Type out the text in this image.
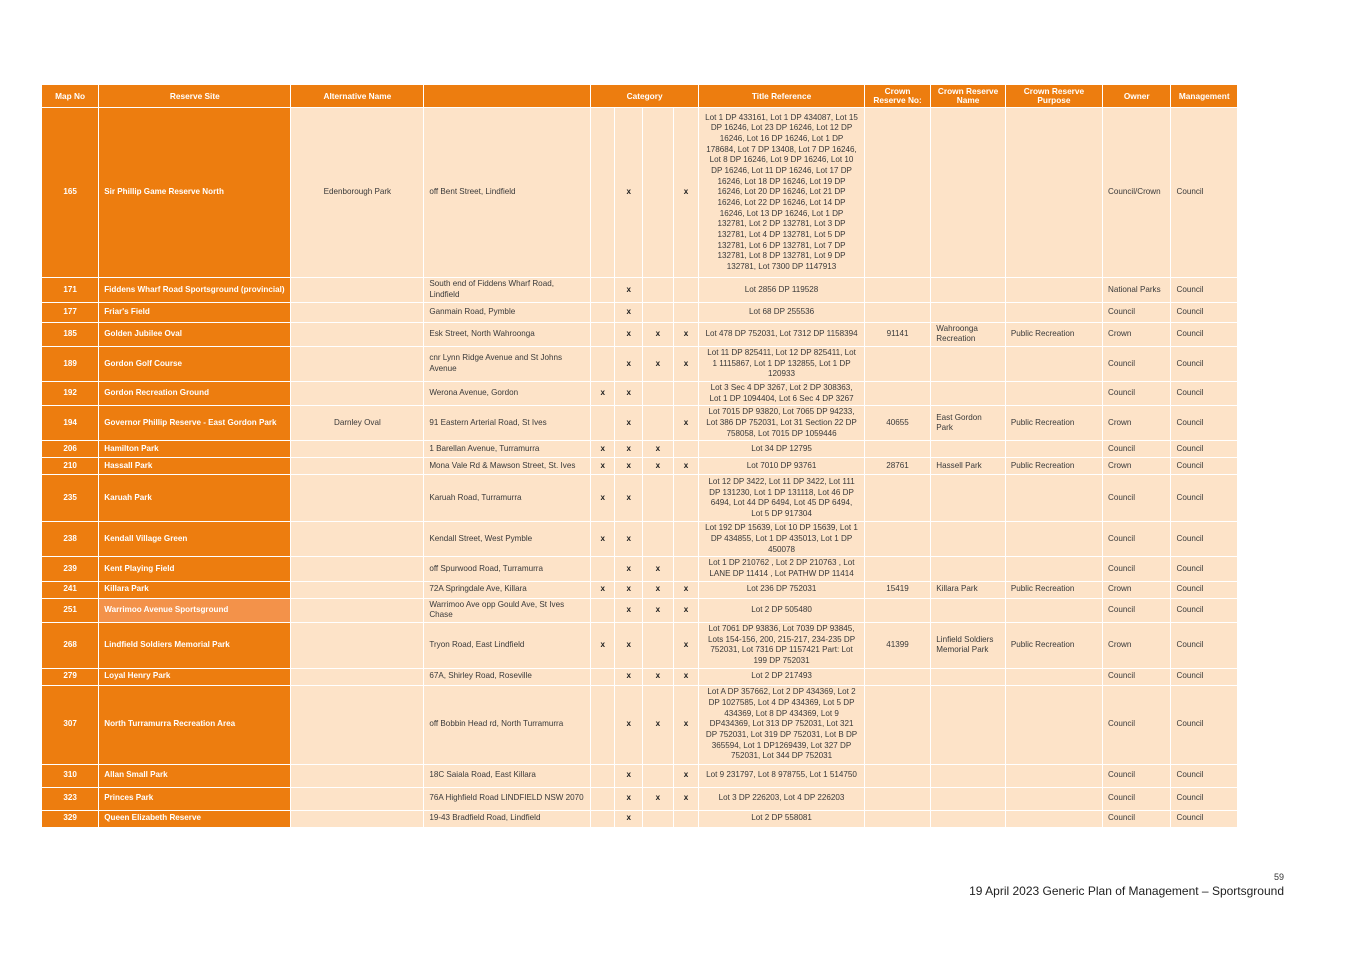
Map No	Reserve Site	Alternative Name		Category				Title Reference	Crown Reserve No:	Crown Reserve Name	Crown Reserve Purpose	Owner	Management
165	Sir Phillip Game Reserve North	Edenborough Park	off Bent Street, Lindfield		x		x	Lot 1 DP 433161, Lot 1 DP 434087, Lot 15 DP 16246, Lot 23 DP 16246, Lot 12 DP 16246, Lot 16 DP 16246, Lot 1 DP 178684, Lot 7 DP 13408, Lot 7 DP 16246, Lot 8 DP 16246, Lot 9 DP 16246, Lot 10 DP 16246, Lot 11 DP 16246, Lot 17 DP 16246, Lot 18 DP 16246, Lot 19 DP 16246, Lot 20 DP 16246, Lot 21 DP 16246, Lot 22 DP 16246, Lot 14 DP 16246, Lot 13 DP 16246, Lot 1 DP 132781, Lot 2 DP 132781, Lot 3 DP 132781, Lot 4 DP 132781, Lot 5 DP 132781, Lot 6 DP 132781, Lot 7 DP 132781, Lot 8 DP 132781, Lot 9 DP 132781, Lot 7300 DP 1147913				Council/Crown	Council
171	Fiddens Wharf Road Sportsground (provincial)		South end of Fiddens Wharf Road, Lindfield		x			Lot 2856 DP 119528				National Parks	Council
177	Friar's Field		Ganmain Road, Pymble		x			Lot 68 DP 255536				Council	Council
185	Golden Jubilee Oval		Esk Street, North Wahroonga		x	x	x	Lot 478 DP 752031, Lot 7312 DP 1158394	91141	Wahroonga Recreation	Public Recreation	Crown	Council
189	Gordon Golf Course		cnr Lynn Ridge Avenue and St Johns Avenue		x	x	x	Lot 11 DP 825411, Lot 12 DP 825411, Lot 1 1115867, Lot 1 DP 132855, Lot 1 DP 120933				Council	Council
192	Gordon Recreation Ground		Werona Avenue, Gordon	x	x			Lot 3 Sec 4 DP 3267, Lot 2 DP 308363, Lot 1 DP 1094404, Lot 6 Sec 4 DP 3267				Council	Council
194	Governor Phillip Reserve - East Gordon Park	Darnley Oval	91 Eastern Arterial Road, St Ives		x		x	Lot 7015 DP 93820, Lot 7065 DP 94233, Lot 386 DP 752031, Lot 31 Section 22 DP 758058, Lot 7015 DP 1059446	40655	East Gordon Park	Public Recreation	Crown	Council
206	Hamilton Park		1 Barellan Avenue, Turramurra	x	x	x		Lot 34 DP 12795				Council	Council
210	Hassall Park		Mona Vale Rd & Mawson Street, St. Ives	x	x	x	x	Lot 7010 DP 93761	28761	Hassell Park	Public Recreation	Crown	Council
235	Karuah Park		Karuah Road, Turramurra	x	x			Lot 12 DP 3422, Lot 11 DP 3422, Lot 111 DP 131230, Lot 1 DP 131118, Lot 46 DP 6494, Lot 44 DP 6494, Lot 45 DP 6494, Lot 5 DP 917304				Council	Council
238	Kendall Village Green		Kendall Street, West Pymble	x	x			Lot 192 DP 15639, Lot 10 DP 15639, Lot 1 DP 434855, Lot 1 DP 435013, Lot 1 DP 450078				Council	Council
239	Kent Playing Field		off Spurwood Road, Turramurra		x	x		Lot 1 DP 210762 , Lot 2 DP 210763 , Lot LANE DP 11414 , Lot PATHW DP 11414				Council	Council
241	Killara Park		72A Springdale Ave, Killara	x	x	x	x	Lot 236 DP 752031	15419	Killara Park	Public Recreation	Crown	Council
251	Warrimoo Avenue Sportsground		Warrimoo Ave opp Gould Ave, St Ives Chase		x	x	x	Lot 2 DP 505480				Council	Council
268	Lindfield Soldiers Memorial Park		Tryon Road, East Lindfield	x	x		x	Lot 7061 DP 93836, Lot 7039 DP 93845, Lots 154-156, 200, 215-217, 234-235 DP 752031, Lot 7316 DP 1157421 Part: Lot 199 DP 752031	41399	Linfield Soldiers Memorial Park	Public Recreation	Crown	Council
279	Loyal Henry Park		67A, Shirley Road, Roseville		x	x	x	Lot 2 DP 217493				Council	Council
307	North Turramurra Recreation Area		off Bobbin Head rd, North Turramurra		x	x	x	Lot A DP 357662, Lot 2 DP 434369, Lot 2 DP 1027585, Lot 4 DP 434369, Lot 5 DP 434369, Lot 8 DP 434369, Lot 9 DP434369, Lot 313 DP 752031, Lot 321 DP 752031, Lot 319 DP 752031, Lot B DP 365594, Lot 1 DP1269439, Lot 327 DP 752031, Lot 344 DP 752031				Council	Council
310	Allan Small Park		18C Saiala Road, East Killara		x		x	Lot 9 231797, Lot 8 978755, Lot 1 514750				Council	Council
323	Princes Park		76A Highfield Road LINDFIELD NSW 2070		x	x	x	Lot 3 DP 226203, Lot 4 DP 226203				Council	Council
329	Queen Elizabeth Reserve		19-43 Bradfield Road, Lindfield		x			Lot 2 DP 558081				Council	Council
59
19 April 2023 Generic Plan of Management – Sportsground
